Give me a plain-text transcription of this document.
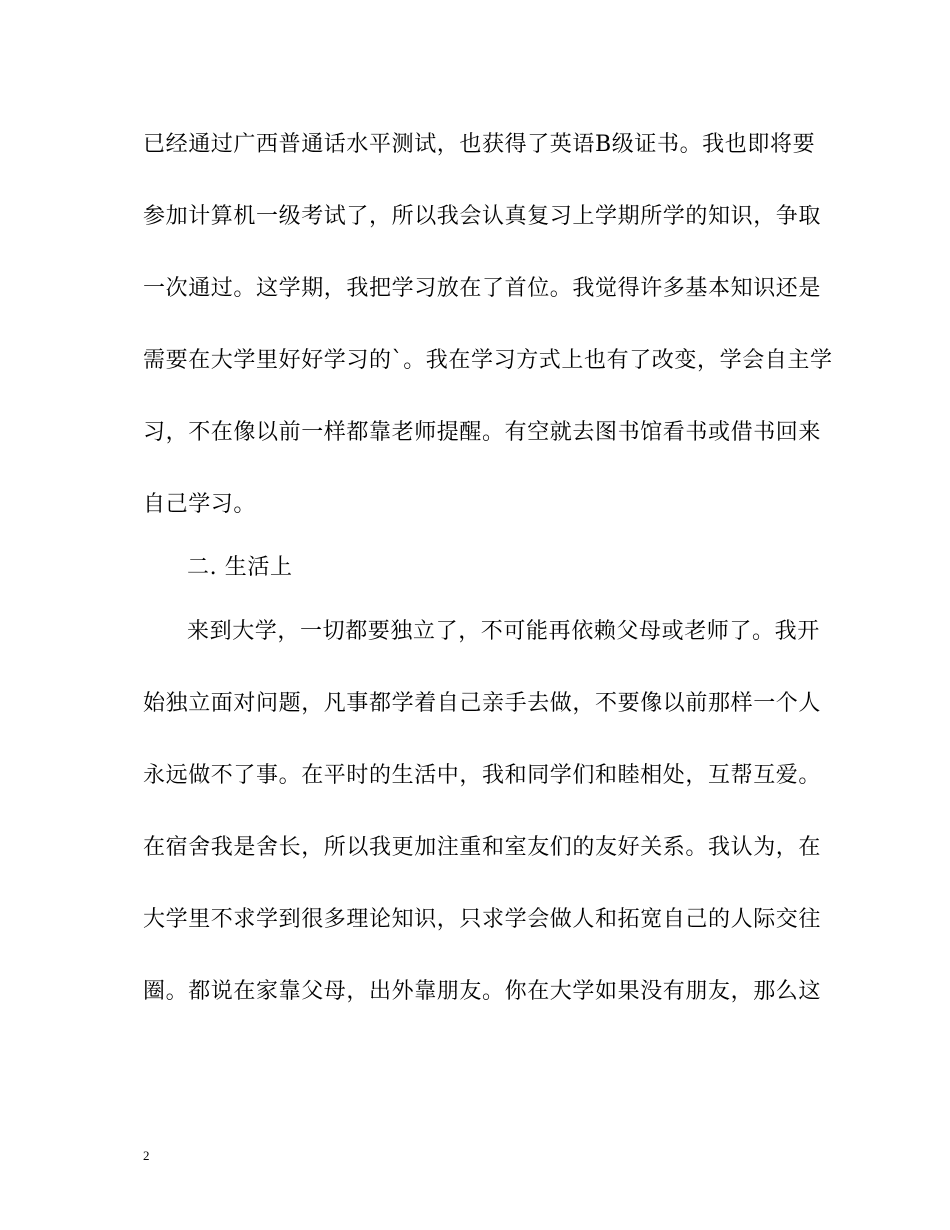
已经通过广西普通话水平测试，也获得了英语B级证书。我也即将要
参加计算机一级考试了，所以我会认真复习上学期所学的知识，争取
一次通过。这学期，我把学习放在了首位。我觉得许多基本知识还是
需要在大学里好好学习的`。我在学习方式上也有了改变，学会自主学
习，不在像以前一样都靠老师提醒。有空就去图书馆看书或借书回来
自己学习。
二. 生活上
来到大学，一切都要独立了，不可能再依赖父母或老师了。我开
始独立面对问题，凡事都学着自己亲手去做，不要像以前那样一个人
永远做不了事。在平时的生活中，我和同学们和睦相处，互帮互爱。
在宿舍我是舍长，所以我更加注重和室友们的友好关系。我认为，在
大学里不求学到很多理论知识，只求学会做人和拓宽自己的人际交往
圈。都说在家靠父母，出外靠朋友。你在大学如果没有朋友，那么这
2
